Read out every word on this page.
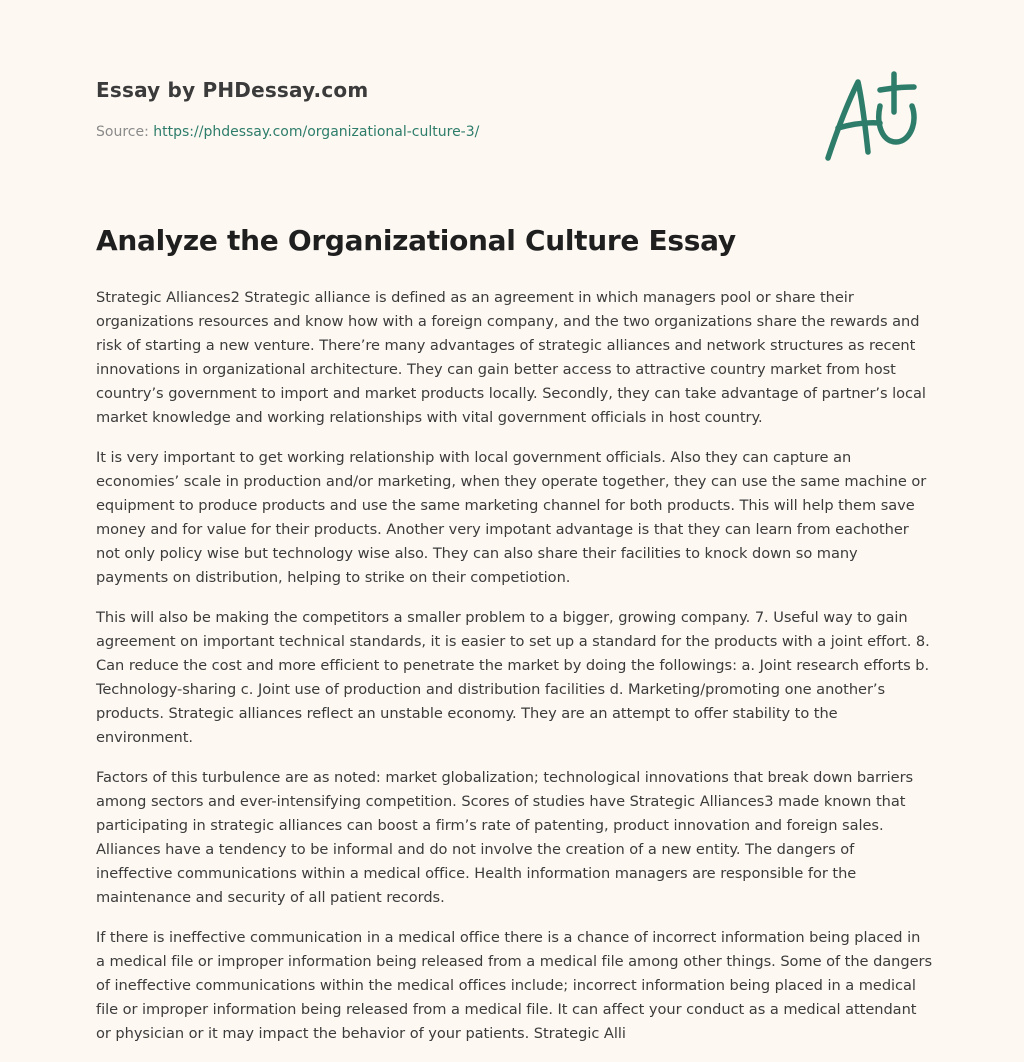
Essay by PHDessay.com
Source: https://phdessay.com/organizational-culture-3/
Analyze the Organizational Culture Essay

Strategic Alliances2 Strategic alliance is defined as an agreement in which managers pool or share their organizations resources and know how with a foreign company, and the two organizations share the rewards and risk of starting a new venture. There’re many advantages of strategic alliances and network structures as recent innovations in organizational architecture. They can gain better access to attractive country market from host country’s government to import and market products locally. Secondly, they can take advantage of partner’s local market knowledge and working relationships with vital government officials in host country.

It is very important to get working relationship with local government officials. Also they can capture an economies’ scale in production and/or marketing, when they operate together, they can use the same machine or equipment to produce products and use the same marketing channel for both products. This will help them save money and for value for their products. Another very impotant advantage is that they can learn from eachother not only policy wise but technology wise also. They can also share their facilities to knock down so many payments on distribution, helping to strike on their competiotion.

This will also be making the competitors a smaller problem to a bigger, growing company. 7. Useful way to gain agreement on important technical standards, it is easier to set up a standard for the products with a joint effort. 8. Can reduce the cost and more efficient to penetrate the market by doing the followings: a. Joint research efforts b. Technology-sharing c. Joint use of production and distribution facilities d. Marketing/promoting one another’s products. Strategic alliances reflect an unstable economy. They are an attempt to offer stability to the environment.

Factors of this turbulence are as noted: market globalization; technological innovations that break down barriers among sectors and ever-intensifying competition. Scores of studies have Strategic Alliances3 made known that participating in strategic alliances can boost a firm’s rate of patenting, product innovation and foreign sales. Alliances have a tendency to be informal and do not involve the creation of a new entity. The dangers of ineffective communications within a medical office. Health information managers are responsible for the maintenance and security of all patient records.

If there is ineffective communication in a medical office there is a chance of incorrect information being placed in a medical file or improper information being released from a medical file among other things. Some of the dangers of ineffective communications within the medical offices include; incorrect information being placed in a medical file or improper information being released from a medical file. It can affect your conduct as a medical attendant or physician or it may impact the behavior of your patients. Strategic Alli
